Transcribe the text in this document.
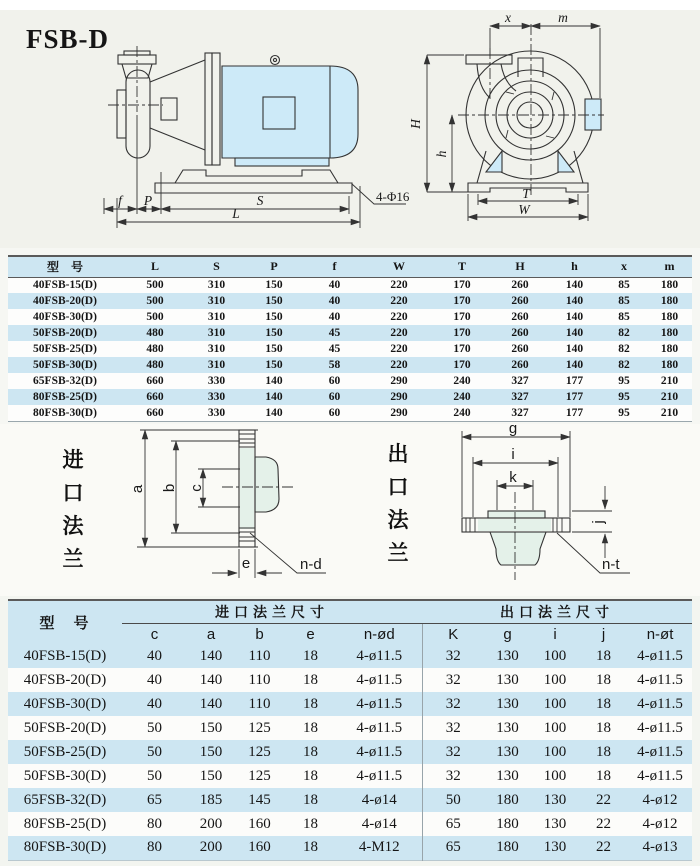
FSB-D
f P	S
L
4-Φ16
x	m
H
h
T
W
型　号	L	S	P	f	W	T	H	h	x	m
40FSB-15(D)	500	310	150	40	220	170	260	140	85	180
40FSB-20(D)	500	310	150	40	220	170	260	140	85	180
40FSB-30(D)	500	310	150	40	220	170	260	140	85	180
50FSB-20(D)	480	310	150	45	220	170	260	140	82	180
50FSB-25(D)	480	310	150	45	220	170	260	140	82	180
50FSB-30(D)	480	310	150	58	220	170	260	140	82	180
65FSB-32(D)	660	330	140	60	290	240	327	177	95	210
80FSB-25(D)	660	330	140	60	290	240	327	177	95	210
80FSB-30(D)	660	330	140	60	290	240	327	177	95	210
进
口
法
兰
出
口
法
兰
a b c
e	n-d
g
i
k
j
n-t
型　号	进口法兰尺寸					出口法兰尺寸				
	c	a	b	e	n-ød	K	g	i	j	n-øt
40FSB-15(D)	40	140	110	18	4-ø11.5	32	130	100	18	4-ø11.5
40FSB-20(D)	40	140	110	18	4-ø11.5	32	130	100	18	4-ø11.5
40FSB-30(D)	40	140	110	18	4-ø11.5	32	130	100	18	4-ø11.5
50FSB-20(D)	50	150	125	18	4-ø11.5	32	130	100	18	4-ø11.5
50FSB-25(D)	50	150	125	18	4-ø11.5	32	130	100	18	4-ø11.5
50FSB-30(D)	50	150	125	18	4-ø11.5	32	130	100	18	4-ø11.5
65FSB-32(D)	65	185	145	18	4-ø14	50	180	130	22	4-ø12
80FSB-25(D)	80	200	160	18	4-ø14	65	180	130	22	4-ø12
80FSB-30(D)	80	200	160	18	4-M12	65	180	130	22	4-ø13
